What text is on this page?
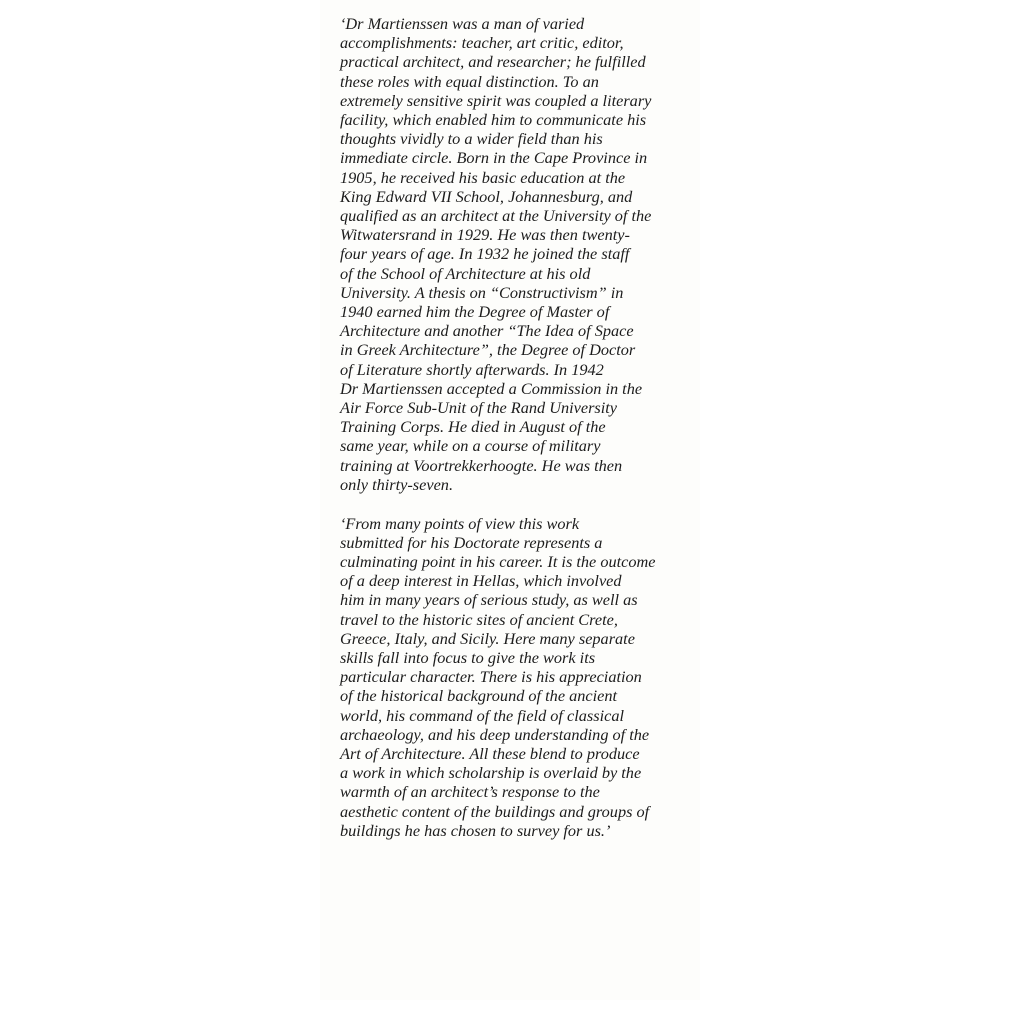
‘Dr Martienssen was a man of varied
accomplishments: teacher, art critic, editor,
practical architect, and researcher; he fulfilled
these roles with equal distinction. To an
extremely sensitive spirit was coupled a literary
facility, which enabled him to communicate his
thoughts vividly to a wider field than his
immediate circle. Born in the Cape Province in
1905, he received his basic education at the
King Edward VII School, Johannesburg, and
qualified as an architect at the University of the
Witwatersrand in 1929. He was then twenty-
four years of age. In 1932 he joined the staff
of the School of Architecture at his old
University. A thesis on “Constructivism” in
1940 earned him the Degree of Master of
Architecture and another “The Idea of Space
in Greek Architecture”, the Degree of Doctor
of Literature shortly afterwards. In 1942
Dr Martienssen accepted a Commission in the
Air Force Sub-Unit of the Rand University
Training Corps. He died in August of the
same year, while on a course of military
training at Voortrekkerhoogte. He was then
only thirty-seven.

‘From many points of view this work
submitted for his Doctorate represents a
culminating point in his career. It is the outcome
of a deep interest in Hellas, which involved
him in many years of serious study, as well as
travel to the historic sites of ancient Crete,
Greece, Italy, and Sicily. Here many separate
skills fall into focus to give the work its
particular character. There is his appreciation
of the historical background of the ancient
world, his command of the field of classical
archaeology, and his deep understanding of the
Art of Architecture. All these blend to produce
a work in which scholarship is overlaid by the
warmth of an architect’s response to the
aesthetic content of the buildings and groups of
buildings he has chosen to survey for us.’
